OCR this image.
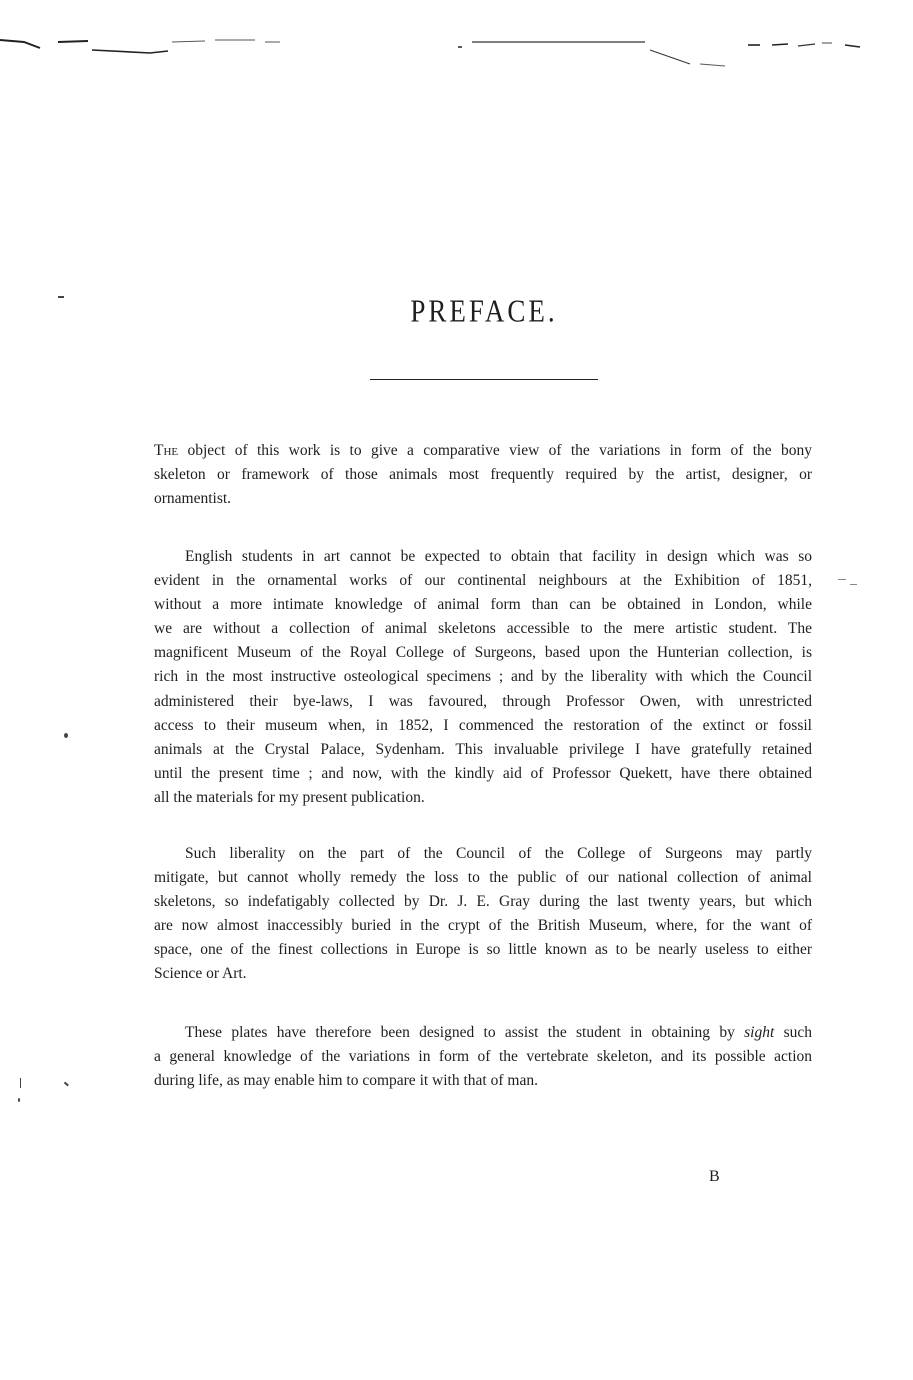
PREFACE.
The object of this work is to give a comparative view of the variations in form of the bony
skeleton or framework of those animals most frequently required by the artist, designer, or
ornamentist.
English students in art cannot be expected to obtain that facility in design which was so
evident in the ornamental works of our continental neighbours at the Exhibition of 1851,
without a more intimate knowledge of animal form than can be obtained in London, while
we are without a collection of animal skeletons accessible to the mere artistic student. The
magnificent Museum of the Royal College of Surgeons, based upon the Hunterian collection, is
rich in the most instructive osteological specimens ; and by the liberality with which the Council
administered their bye-laws, I was favoured, through Professor Owen, with unrestricted
access to their museum when, in 1852, I commenced the restoration of the extinct or fossil
animals at the Crystal Palace, Sydenham. This invaluable privilege I have gratefully retained
until the present time ; and now, with the kindly aid of Professor Quekett, have there obtained
all the materials for my present publication.
Such liberality on the part of the Council of the College of Surgeons may partly
mitigate, but cannot wholly remedy the loss to the public of our national collection of animal
skeletons, so indefatigably collected by Dr. J. E. Gray during the last twenty years, but which
are now almost inaccessibly buried in the crypt of the British Museum, where, for the want of
space, one of the finest collections in Europe is so little known as to be nearly useless to either
Science or Art.
These plates have therefore been designed to assist the student in obtaining by sight such
a general knowledge of the variations in form of the vertebrate skeleton, and its possible action
during life, as may enable him to compare it with that of man.

B
